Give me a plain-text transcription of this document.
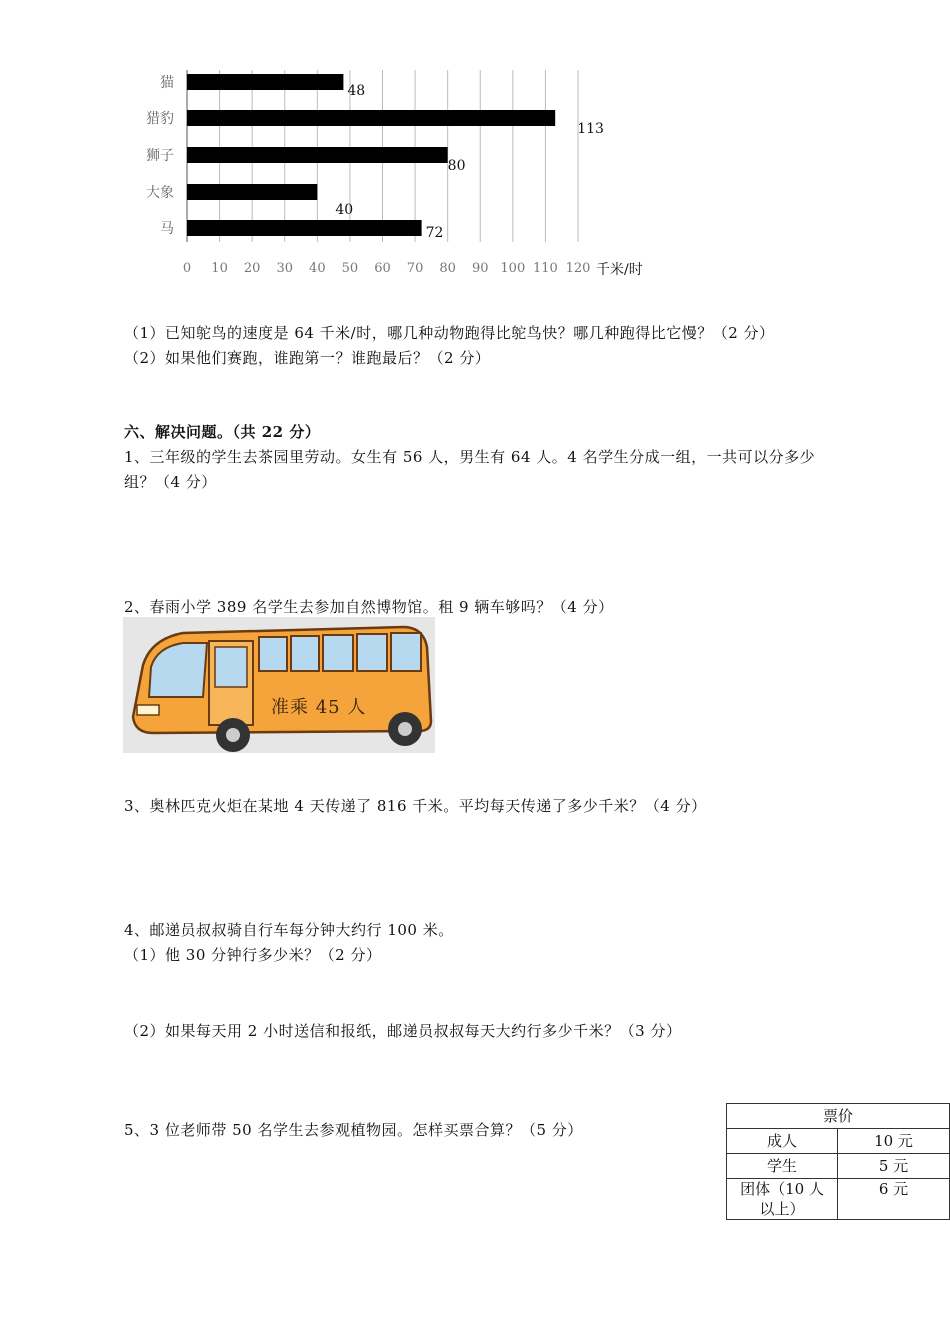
0 10 20 30 40 50 60 70 80 90 100 110 120 千米/时
猫	48
猎豹
113
狮子
80
大象
40
马	72
（1）已知鸵鸟的速度是 64 千米/时，哪几种动物跑得比鸵鸟快？哪几种跑得比它慢？（2 分）
（2）如果他们赛跑，谁跑第一？谁跑最后？（2 分）
六、解决问题。（共 22 分）
1、三年级的学生去茶园里劳动。女生有 56 人，男生有 64 人。4 名学生分成一组，一共可以分多少
组？（4 分）
2、春雨小学 389 名学生去参加自然博物馆。租 9 辆车够吗？（4 分）
准乘 45 人
3、奥林匹克火炬在某地 4 天传递了 816 千米。平均每天传递了多少千米？（4 分）
4、邮递员叔叔骑自行车每分钟大约行 100 米。
（1）他 30 分钟行多少米？（2 分）
（2）如果每天用 2 小时送信和报纸，邮递员叔叔每天大约行多少千米？（3 分）
5、3 位老师带 50 名学生去参观植物园。怎样买票合算？（5 分）
票价	
成人	10 元
学生	5 元

团体（10 人
以上）	6 元
